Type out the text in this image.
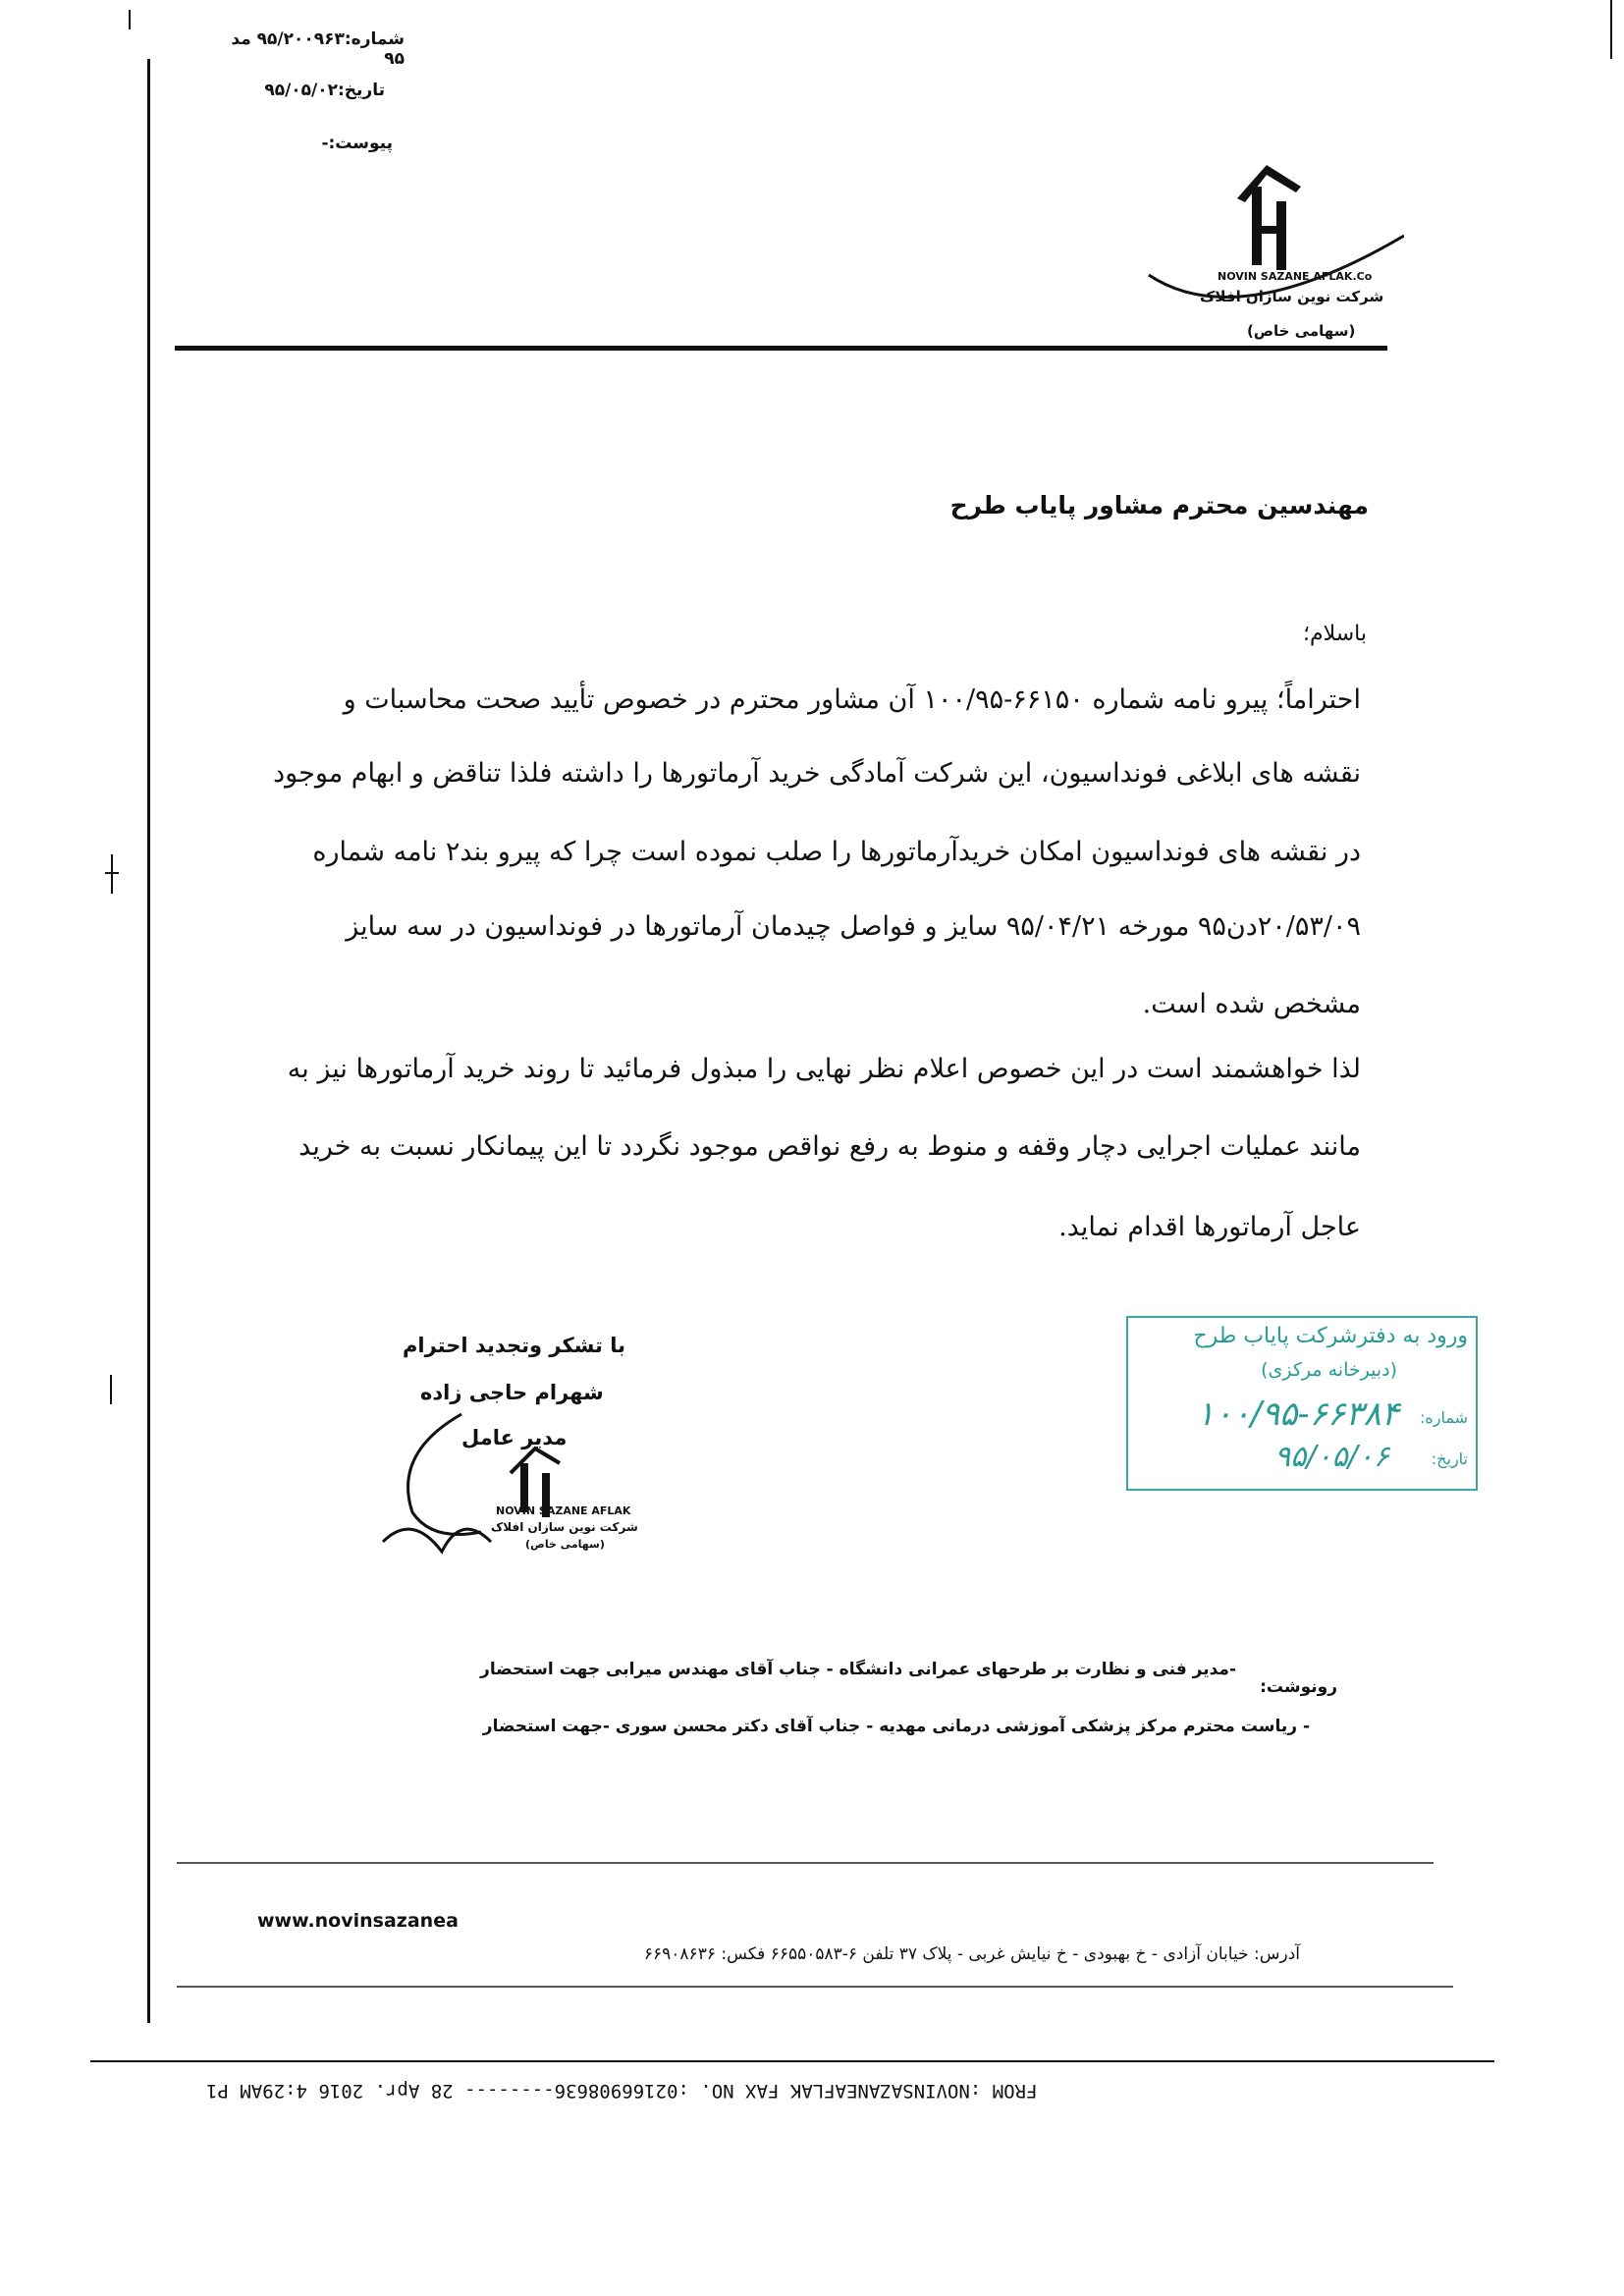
شماره:۹۵/۲۰۰۹۶۳ مد ۹۵
تاریخ:۹۵/۰۵/۰۲
پیوست:-
NOVIN SAZANE AFLAK.Co
شرکت نوین سازان افلاک
(سهامی خاص)
مهندسین محترم مشاور پایاب طرح
باسلام؛
احتراماً؛ پیرو نامه شماره ۶۶۱۵۰-۱۰۰/۹۵ آن مشاور محترم در خصوص تأیید صحت محاسبات و
نقشه های ابلاغی فونداسیون، این شرکت آمادگی خرید آرماتورها را داشته فلذا تناقض و ابهام موجود
در نقشه های فونداسیون امکان خریدآرماتورها را صلب نموده است چرا که پیرو بند۲ نامه شماره
۲۰/۵۳/۰۹دن۹۵ مورخه ۹۵/۰۴/۲۱ سایز و فواصل چیدمان آرماتورها در فونداسیون در سه سایز
مشخص شده است.
لذا خواهشمند است در این خصوص اعلام نظر نهایی را مبذول فرمائید تا روند خرید آرماتورها نیز به
مانند عملیات اجرایی دچار وقفه و منوط به رفع نواقص موجود نگردد تا این پیمانکار نسبت به خرید
عاجل آرماتورها اقدام نماید.
با تشکر وتجدید احترام
شهرام حاجی زاده
مدیر عامل
NOVIN SAZANE AFLAK
شرکت نوین سازان افلاک
(سهامی خاص)
ورود به دفترشرکت پایاب طرح
(دبیرخانه مرکزی)
شماره:
۱۰۰/۹۵-۶۶۳۸۴
تاریخ:
۹۵/۰۵/۰۶
رونوشت:
-مدیر فنی و نظارت بر طرحهای عمرانی دانشگاه - جناب آقای مهندس میرابی جهت استحضار
- ریاست محترم مرکز پزشکی آموزشی درمانی مهدیه - جناب آقای دکتر محسن سوری -جهت استحضار
www.novinsazanea
آدرس: خیابان آزادی - خ بهبودی - خ نیایش غربی - پلاک ۳۷ تلفن ۶-۶۶۵۵۰۵۸۳ فکس: ۶۶۹۰۸۶۳۶
FROM :NOVINSAZANEAFLAK FAX NO. :02166908636-------- 28 Apr. 2016 4:29AM P1
